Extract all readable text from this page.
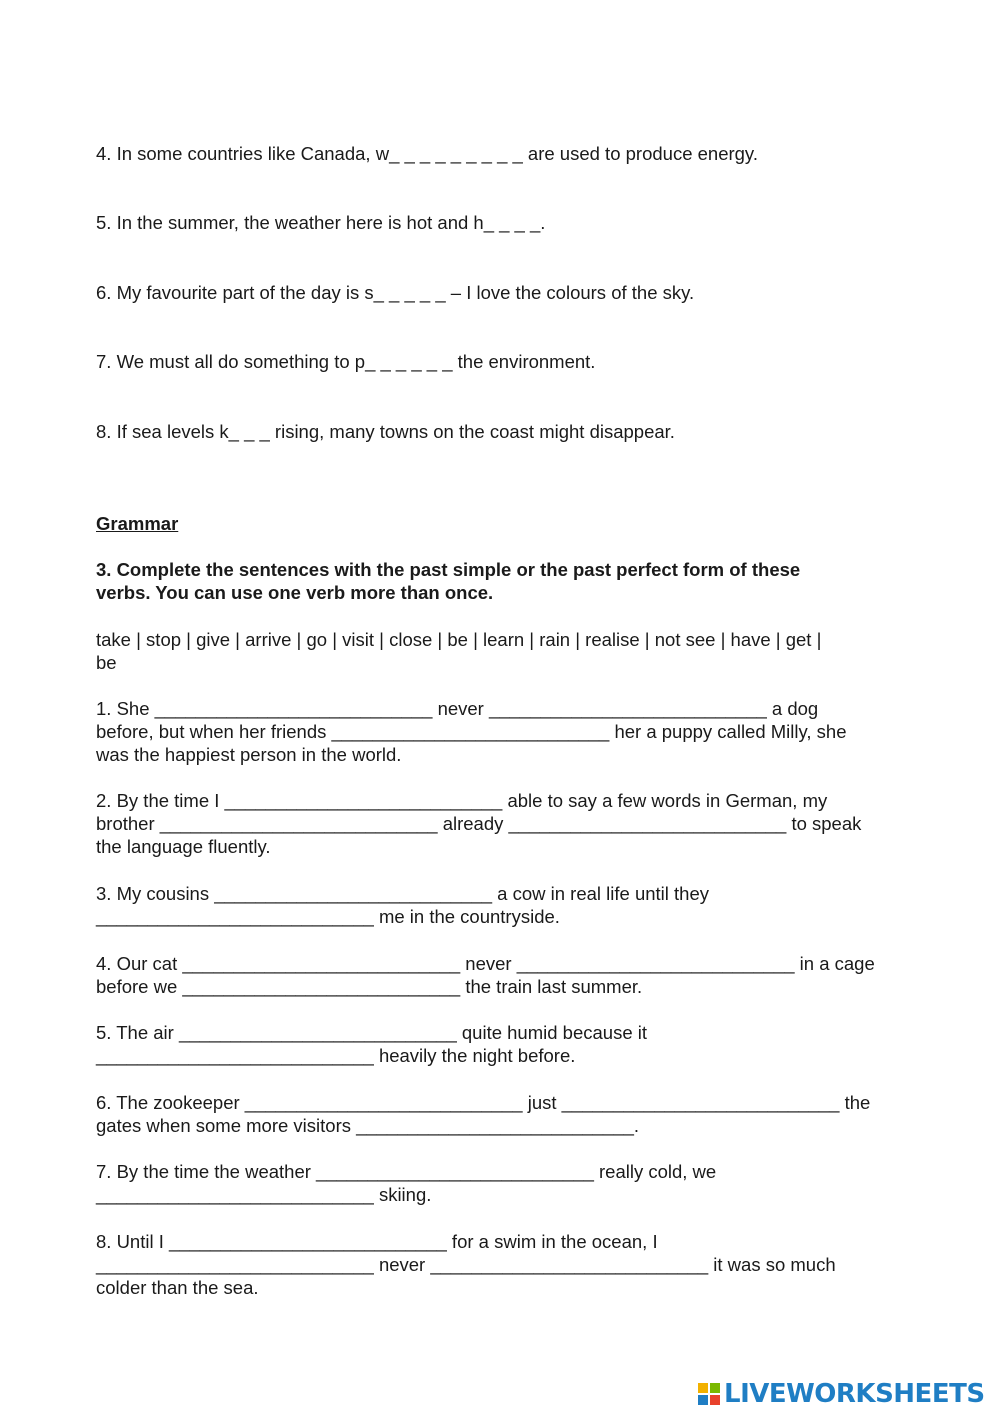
4. In some countries like Canada, w_ _ _ _ _ _ _ _ _ are used to produce energy.

5. In the summer, the weather here is hot and h_ _ _ _.

6. My favourite part of the day is s_ _ _ _ _ – I love the colours of the sky.

7. We must all do something to p_ _ _ _ _ _ the environment.

8. If sea levels k_ _ _ rising, many towns on the coast might disappear.

Grammar

3. Complete the sentences with the past simple or the past perfect form of these
verbs. You can use one verb more than once.
take | stop | give | arrive | go | visit | close | be | learn | rain | realise | not see | have | get |
be
1. She ___________________________ never ___________________________ a dog
before, but when her friends ___________________________ her a puppy called Milly, she
was the happiest person in the world.
2. By the time I ___________________________ able to say a few words in German, my
brother ___________________________ already ___________________________ to speak
the language fluently.
3. My cousins ___________________________ a cow in real life until they
___________________________ me in the countryside.
4. Our cat ___________________________ never ___________________________ in a cage
before we ___________________________ the train last summer.
5. The air ___________________________ quite humid because it
___________________________ heavily the night before.
6. The zookeeper ___________________________ just ___________________________ the
gates when some more visitors ___________________________.
7. By the time the weather ___________________________ really cold, we
___________________________ skiing.
8. Until I ___________________________ for a swim in the ocean, I
___________________________ never ___________________________ it was so much
colder than the sea.
LIVEWORKSHEETS
